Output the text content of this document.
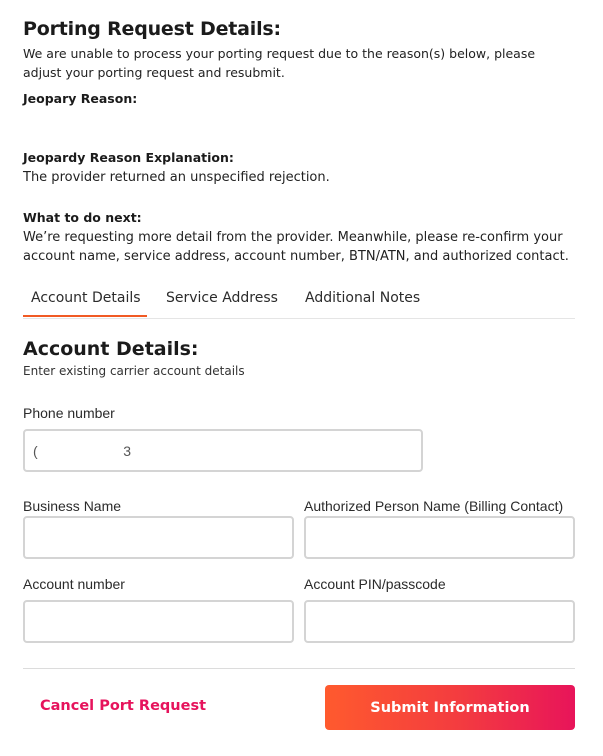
Porting Request Details:
We are unable to process your porting request due to the reason(s) below, please adjust your porting request and resubmit.
Jeopary Reason:
Jeopardy Reason Explanation:
The provider returned an unspecified rejection.
What to do next:
We’re requesting more detail from the provider. Meanwhile, please re-confirm your account name, service address, account number, BTN/ATN, and authorized contact.
Account Details Service Address Additional Notes
Account Details:
Enter existing carrier account details
Phone number
( 3
Business Name	Authorized Person Name (Billing Contact)
Account number	Account PIN/passcode
Cancel Port Request	Submit Information
